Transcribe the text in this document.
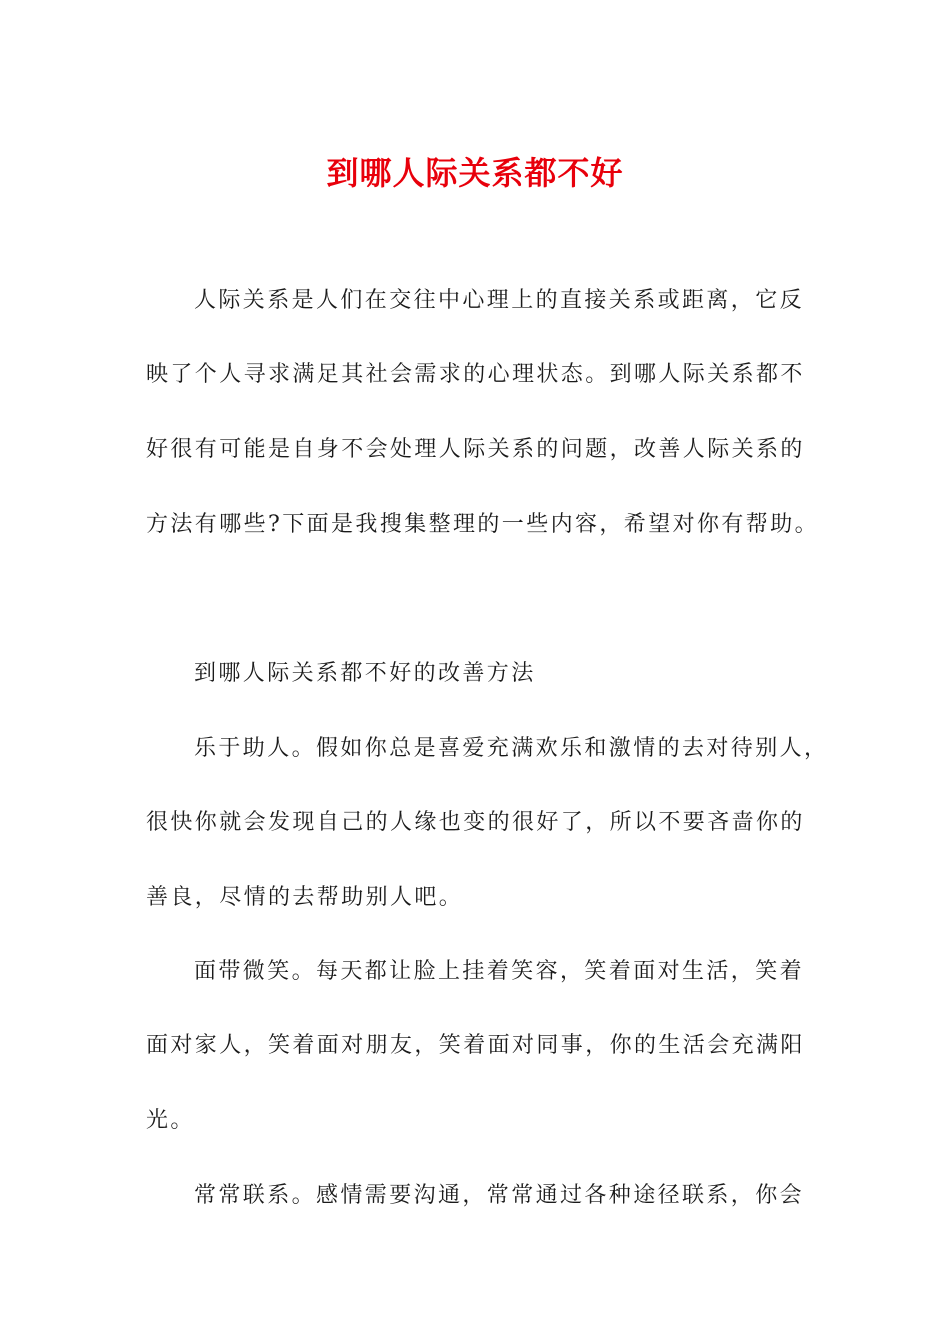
到哪人际关系都不好
人际关系是人们在交往中心理上的直接关系或距离，它反
映了个人寻求满足其社会需求的心理状态。到哪人际关系都不
好很有可能是自身不会处理人际关系的问题，改善人际关系的
方法有哪些?下面是我搜集整理的一些内容，希望对你有帮助。
到哪人际关系都不好的改善方法
乐于助人。假如你总是喜爱充满欢乐和激情的去对待别人，
很快你就会发现自己的人缘也变的很好了，所以不要吝啬你的
善良，尽情的去帮助别人吧。
面带微笑。每天都让脸上挂着笑容，笑着面对生活，笑着
面对家人，笑着面对朋友，笑着面对同事，你的生活会充满阳
光。
常常联系。感情需要沟通，常常通过各种途径联系，你会
